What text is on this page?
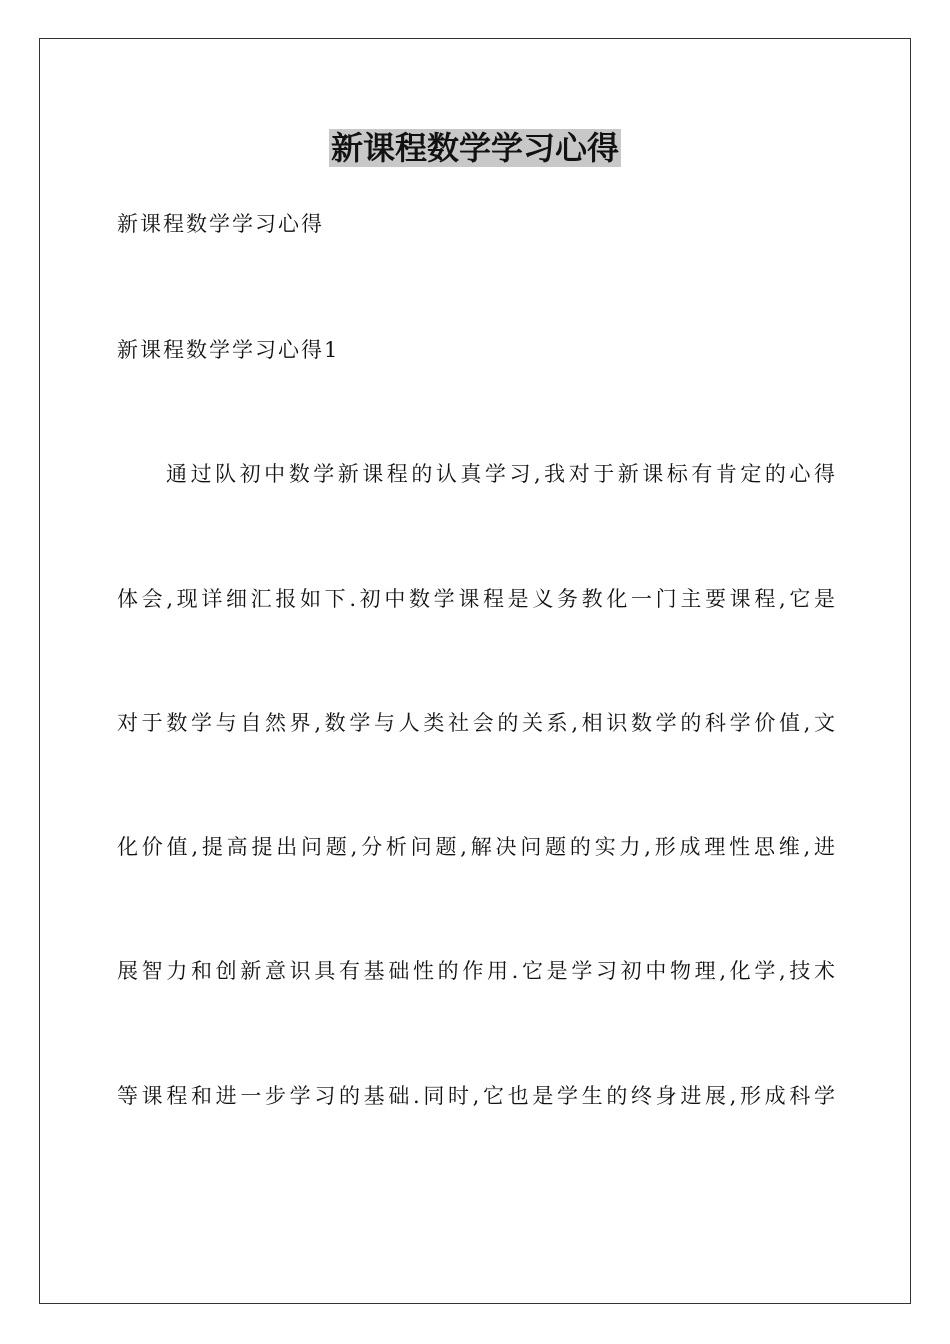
新课程数学学习心得
新课程数学学习心得
新课程数学学习心得1
　　通过队初中数学新课程的认真学习,我对于新课标有肯定的心得
体会,现详细汇报如下.初中数学课程是义务教化一门主要课程,它是
对于数学与自然界,数学与人类社会的关系,相识数学的科学价值,文
化价值,提高提出问题,分析问题,解决问题的实力,形成理性思维,进
展智力和创新意识具有基础性的作用.它是学习初中物理,化学,技术
等课程和进一步学习的基础.同时,它也是学生的终身进展,形成科学
